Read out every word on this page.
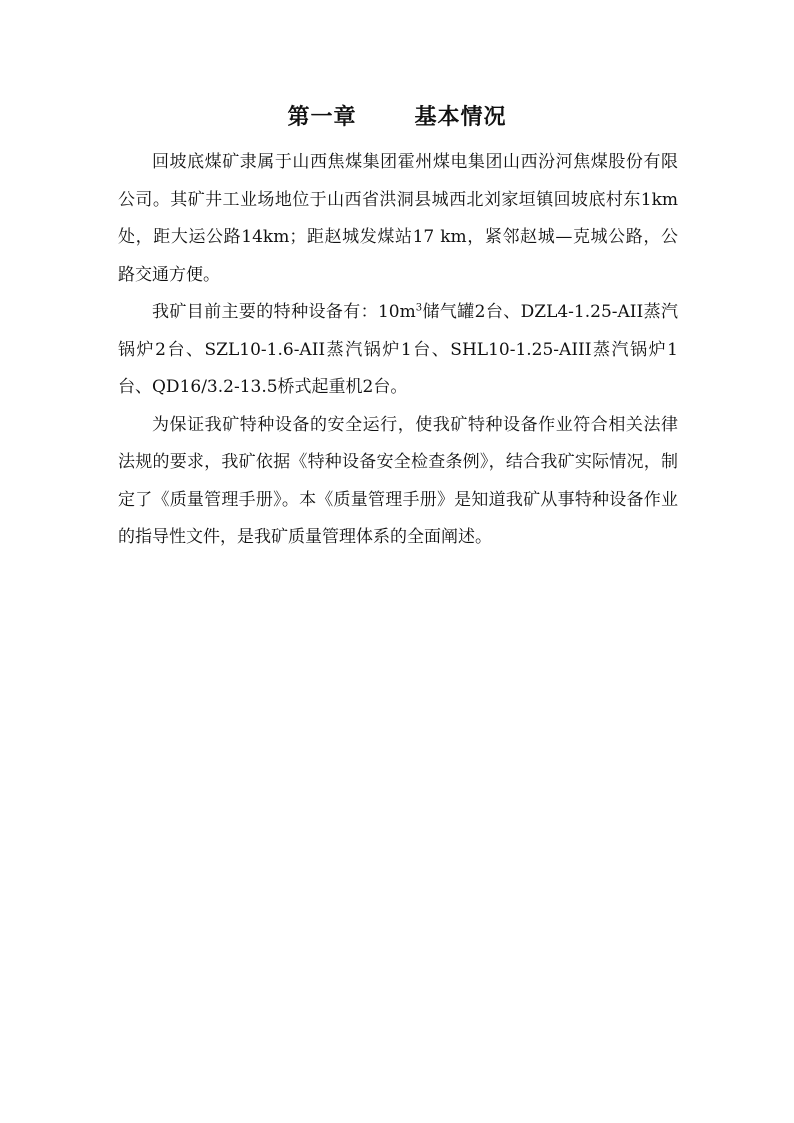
第一章	基本情况

回坡底煤矿隶属于山西焦煤集团霍州煤电集团山西汾河焦煤股份有限公司。其矿井工业场地位于山西省洪洞县城西北刘家垣镇回坡底村东1km处，距大运公路14km；距赵城发煤站17 km，紧邻赵城—克城公路，公路交通方便。

我矿目前主要的特种设备有：$10m^3$储气罐2台、DZL4-1.25-AII蒸汽锅炉2台、SZL10-1.6-AII蒸汽锅炉1台、SHL10-1.25-AIII蒸汽锅炉1台、QD16/3.2-13.5桥式起重机2台。

为保证我矿特种设备的安全运行，使我矿特种设备作业符合相关法律法规的要求，我矿依据《特种设备安全检查条例》，结合我矿实际情况，制定了《质量管理手册》。本《质量管理手册》是知道我矿从事特种设备作业的指导性文件，是我矿质量管理体系的全面阐述。
